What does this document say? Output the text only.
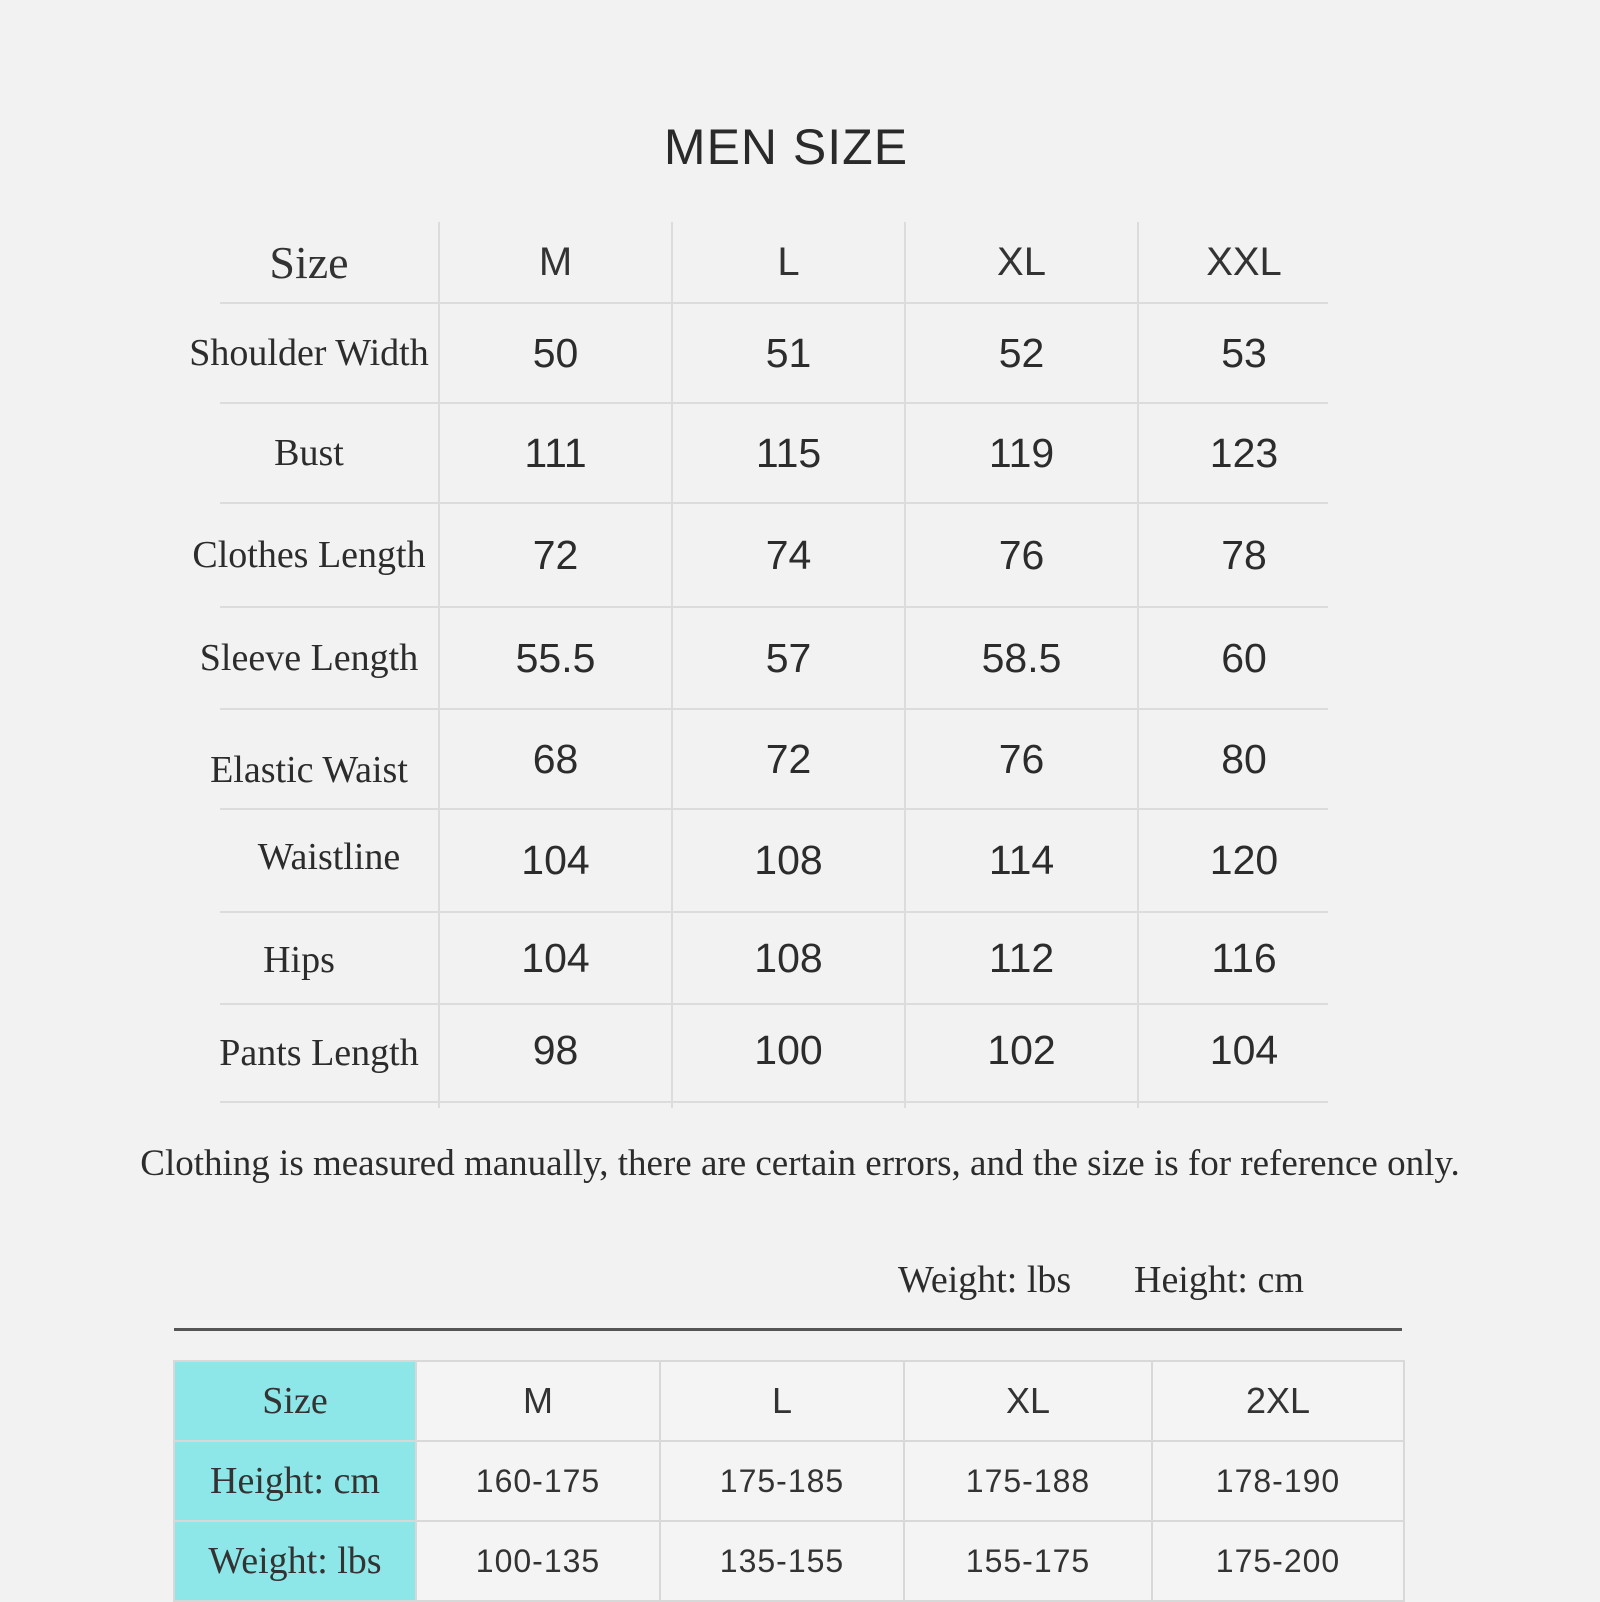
MEN SIZE
Size	M	L	XL	XXL
Shoulder Width	50	51	52	53
Bust	111	115	119	123
Clothes Length	72	74	76	78
Sleeve Length	55.5	57	58.5	60
Elastic Waist	68	72	76	80
Waistline	104	108	114	120
Hips	104	108	112	116
Pants Length	98	100	102	104
Clothing is measured manually, there are certain errors, and the size is for reference only.
Weight: lbs Height: cm
Size	M	L	XL	2XL
Height: cm	160-175	175-185	175-188	178-190
Weight: lbs	100-135	135-155	155-175	175-200
